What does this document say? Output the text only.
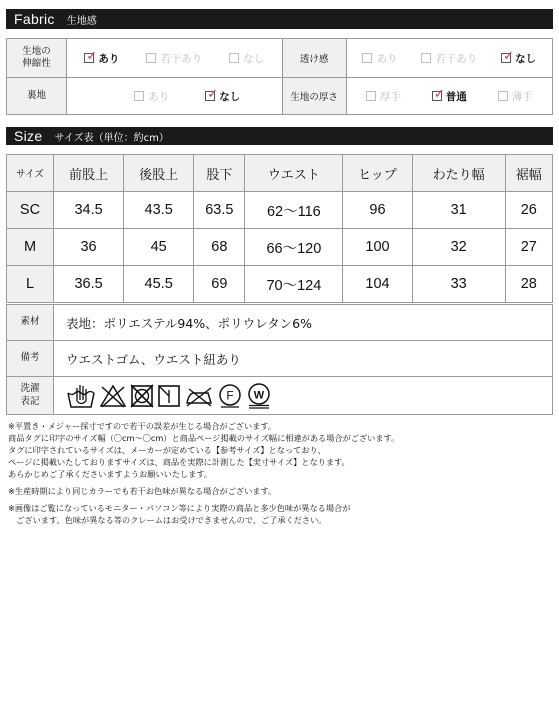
Fabric 生地感
生地の
伸縮性	✓ あり 若干あり なし	透け感	あり 若干あり ✓ なし

裏地	あり ✓ なし	生地の厚さ	厚手 ✓ 普通 薄手
Size サイズ表（単位：約cm）
サイズ	前股上	後股上	股下	ウエスト	ヒップ	わたり幅	裾幅
SC	34.5	43.5	63.5	62〜116	96	31	26
M	36	45	68	66〜120	100	32	27
L	36.5	45.5	69	70〜124	104	33	28
素材	表地：ポリエステル94%、ポリウレタン6%
備考	ウエストゴム、ウエスト紐あり
洗濯
表記	F W

※平置き・メジャー採寸ですので若干の誤差が生じる場合がございます。

商品タグに印字のサイズ幅（〇cm〜〇cm）と商品ページ掲載のサイズ幅に相違がある場合がございます。

タグに印字されているサイズは、メーカーが定めている【参考サイズ】となっており、

ページに掲載いたしておりますサイズは、商品を実際に計測した【実寸サイズ】となります。

あらかじめご了承くださいますようお願いいたします。

※生産時期により同じカラーでも若干お色味が異なる場合がございます。

※画像はご覧になっているモニター・パソコン等により実際の商品と多少色味が異なる場合が

　ございます。色味が異なる等のクレームはお受けできませんので、ご了承ください。
